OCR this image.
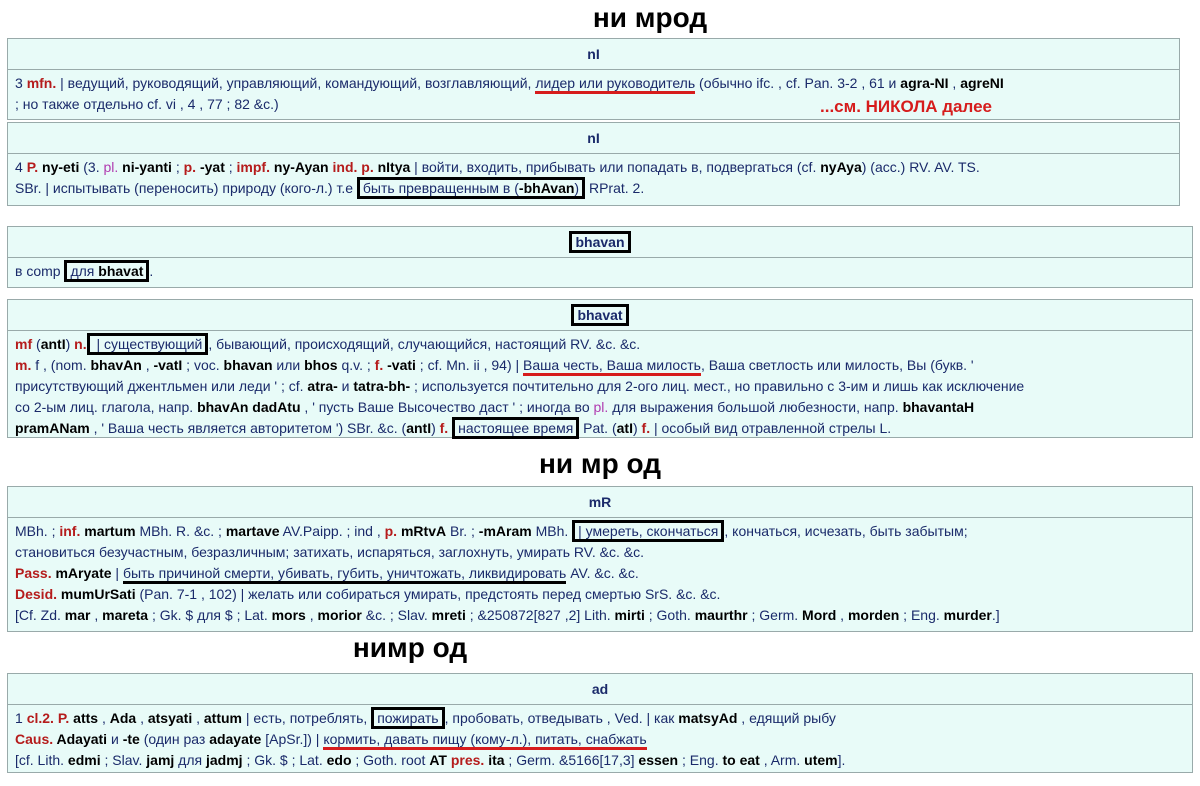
ни мрод
nI
3 mfn. | ведущий, руководящий, управляющий, командующий, возглавляющий, лидер или руководитель (обычно ifc. , cf. Pan. 3-2 , 61 и agra-NI , agreNI
; но также отдельно cf. vi , 4 , 77 ; 82 &c.)	...см. НИКОЛА далее
nI
4 P. ny-eti (3. pl. ni-yanti ; p. -yat ; impf. ny-Ayan ind. p. nItya | войти, входить, прибывать или попадать в, подвергаться (cf. nyAya) (acc.) RV. AV. TS.
SBr. | испытывать (переносить) природу (кого-л.) т.е быть превращенным в (-bhAvan) RPrat. 2.
bhavan
в comp для bhavat .
bhavat
mf (antI) n. | существующий , бывающий, происходящий, случающийся, настоящий RV. &c. &c.
m. f , (nom. bhavAn , -vatI ; voc. bhavan или bhos q.v. ; f. -vati ; cf. Mn. ii , 94) | Ваша честь, Ваша милость, Ваша светлость или милость, Вы (букв. '
присутствующий джентльмен или леди ' ; cf. atra- и tatra-bh- ; используется почтительно для 2-ого лиц. мест., но правильно с 3-им и лишь как исключение
со 2-ым лиц. глагола, напр. bhavAn dadAtu , ' пусть Ваше Высочество даст ' ; иногда во pl. для выражения большой любезности, напр. bhavantaH
pramANam , ' Ваша честь является авторитетом ') SBr. &c. (antI) f. настоящее время Pat. (atI) f. | особый вид отравленной стрелы L.
ни мр од
mR
MBh. ; inf. martum MBh. R. &c. ; martave AV.Paipp. ; ind , p. mRtvA Br. ; -mAram MBh. | умереть, скончаться , кончаться, исчезать, быть забытым;
становиться безучастным, безразличным; затихать, испаряться, заглохнуть, умирать RV. &c. &c.
Pass. mAryate | быть причиной смерти, убивать, губить, уничтожать, ликвидировать AV. &c. &c.
Desid. mumUrSati (Pan. 7-1 , 102) | желать или собираться умирать, предстоять перед смертью SrS. &c. &c.
[Cf. Zd. mar , mareta ; Gk. $ для $ ; Lat. mors , morior &c. ; Slav. mreti ; &250872[827 ,2] Lith. mirti ; Goth. maurthr ; Germ. Mord , morden ; Eng. murder.]
нимр од
ad
1 cl.2. P. atts , Ada , atsyati , attum | есть, потреблять, пожирать , пробовать, отведывать , Ved. | как matsyAd , едящий рыбу
Caus. Adayati и -te (один раз adayate [ApSr.]) | кормить, давать пищу (кому-л.), питать, снабжать
[cf. Lith. edmi ; Slav. jamj для jadmj ; Gk. $ ; Lat. edo ; Goth. root AT pres. ita ; Germ. &5166[17,3] essen ; Eng. to eat , Arm. utem].
